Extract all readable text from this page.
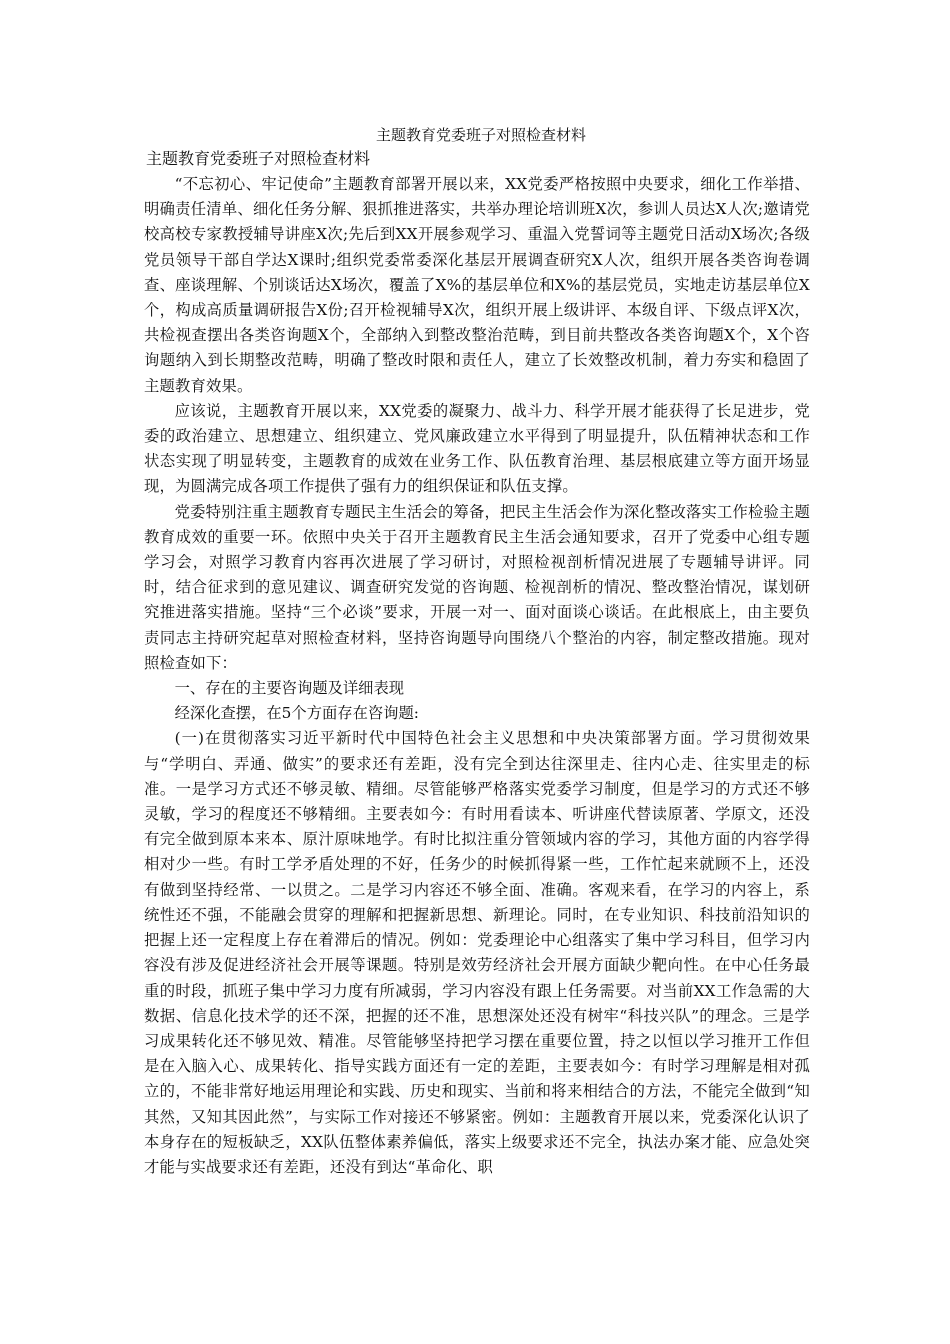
主题教育党委班子对照检查材料

主题教育党委班子对照检查材料

“不忘初心、牢记使命”主题教育部署开展以来，XX党委严格按照中央要求，细化工作举措、明确责任清单、细化任务分解、狠抓推进落实，共举办理论培训班X次，参训人员达X人次;邀请党校高校专家教授辅导讲座X次;先后到XX开展参观学习、重温入党誓词等主题党日活动X场次;各级党员领导干部自学达X课时;组织党委常委深化基层开展调查研究X人次，组织开展各类咨询卷调查、座谈理解、个别谈话达X场次，覆盖了X%的基层单位和X%的基层党员，实地走访基层单位X个，构成高质量调研报告X份;召开检视辅导X次，组织开展上级讲评、本级自评、下级点评X次，共检视查摆出各类咨询题X个，全部纳入到整改整治范畴，到目前共整改各类咨询题X个，X个咨询题纳入到长期整改范畴，明确了整改时限和责任人，建立了长效整改机制，着力夯实和稳固了主题教育效果。

应该说，主题教育开展以来，XX党委的凝聚力、战斗力、科学开展才能获得了长足进步，党委的政治建立、思想建立、组织建立、党风廉政建立水平得到了明显提升，队伍精神状态和工作状态实现了明显转变，主题教育的成效在业务工作、队伍教育治理、基层根底建立等方面开场显现，为圆满完成各项工作提供了强有力的组织保证和队伍支撑。

党委特别注重主题教育专题民主生活会的筹备，把民主生活会作为深化整改落实工作检验主题教育成效的重要一环。依照中央关于召开主题教育民主生活会通知要求，召开了党委中心组专题学习会，对照学习教育内容再次进展了学习研讨，对照检视剖析情况进展了专题辅导讲评。同时，结合征求到的意见建议、调查研究发觉的咨询题、检视剖析的情况、整改整治情况，谋划研究推进落实措施。坚持“三个必谈”要求，开展一对一、面对面谈心谈话。在此根底上，由主要负责同志主持研究起草对照检查材料，坚持咨询题导向围绕八个整治的内容，制定整改措施。现对照检查如下：

一、存在的主要咨询题及详细表现

经深化查摆，在5个方面存在咨询题:

(一)在贯彻落实习近平新时代中国特色社会主义思想和中央决策部署方面。学习贯彻效果与“学明白、弄通、做实”的要求还有差距，没有完全到达往深里走、往内心走、往实里走的标准。一是学习方式还不够灵敏、精细。尽管能够严格落实党委学习制度，但是学习的方式还不够灵敏，学习的程度还不够精细。主要表如今：有时用看读本、听讲座代替读原著、学原文，还没有完全做到原本来本、原汁原味地学。有时比拟注重分管领域内容的学习，其他方面的内容学得相对少一些。有时工学矛盾处理的不好，任务少的时候抓得紧一些，工作忙起来就顾不上，还没有做到坚持经常、一以贯之。二是学习内容还不够全面、准确。客观来看，在学习的内容上，系统性还不强，不能融会贯穿的理解和把握新思想、新理论。同时，在专业知识、科技前沿知识的把握上还一定程度上存在着滞后的情况。例如：党委理论中心组落实了集中学习科目，但学习内容没有涉及促进经济社会开展等课题。特别是效劳经济社会开展方面缺少靶向性。在中心任务最重的时段，抓班子集中学习力度有所减弱，学习内容没有跟上任务需要。对当前XX工作急需的大数据、信息化技术学的还不深，把握的还不准，思想深处还没有树牢“科技兴队”的理念。三是学习成果转化还不够见效、精准。尽管能够坚持把学习摆在重要位置，持之以恒以学习推开工作但是在入脑入心、成果转化、指导实践方面还有一定的差距，主要表如今：有时学习理解是相对孤立的，不能非常好地运用理论和实践、历史和现实、当前和将来相结合的方法，不能完全做到“知其然，又知其因此然”，与实际工作对接还不够紧密。例如：主题教育开展以来，党委深化认识了本身存在的短板缺乏，XX队伍整体素养偏低，落实上级要求还不完全，执法办案才能、应急处突才能与实战要求还有差距，还没有到达“革命化、职
